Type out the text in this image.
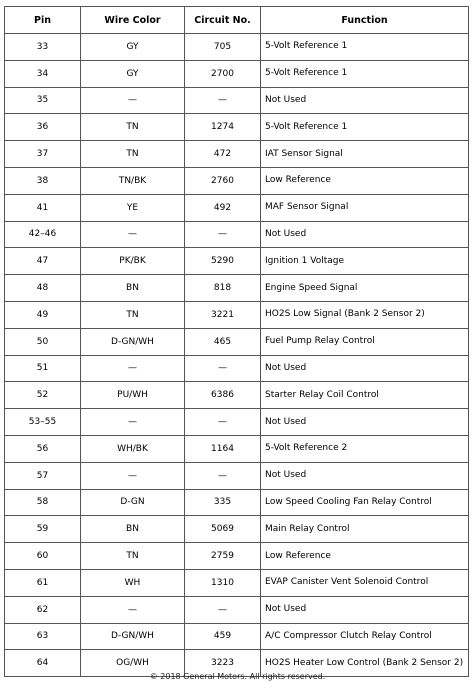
Pin	Wire Color	Circuit No.	Function
33	GY	705	5-Volt Reference 1
34	GY	2700	5-Volt Reference 1
35	—	—	Not Used
36	TN	1274	5-Volt Reference 1
37	TN	472	IAT Sensor Signal
38	TN/BK	2760	Low Reference
41	YE	492	MAF Sensor Signal
42–46	—	—	Not Used
47	PK/BK	5290	Ignition 1 Voltage
48	BN	818	Engine Speed Signal
49	TN	3221	HO2S Low Signal (Bank 2 Sensor 2)
50	D-GN/WH	465	Fuel Pump Relay Control
51	—	—	Not Used
52	PU/WH	6386	Starter Relay Coil Control
53–55	—	—	Not Used
56	WH/BK	1164	5-Volt Reference 2
57	—	—	Not Used
58	D-GN	335	Low Speed Cooling Fan Relay Control
59	BN	5069	Main Relay Control
60	TN	2759	Low Reference
61	WH	1310	EVAP Canister Vent Solenoid Control
62	—	—	Not Used
63	D-GN/WH	459	A/C Compressor Clutch Relay Control
64	OG/WH	3223	HO2S Heater Low Control (Bank 2 Sensor 2)
© 2018 General Motors. All rights reserved.
